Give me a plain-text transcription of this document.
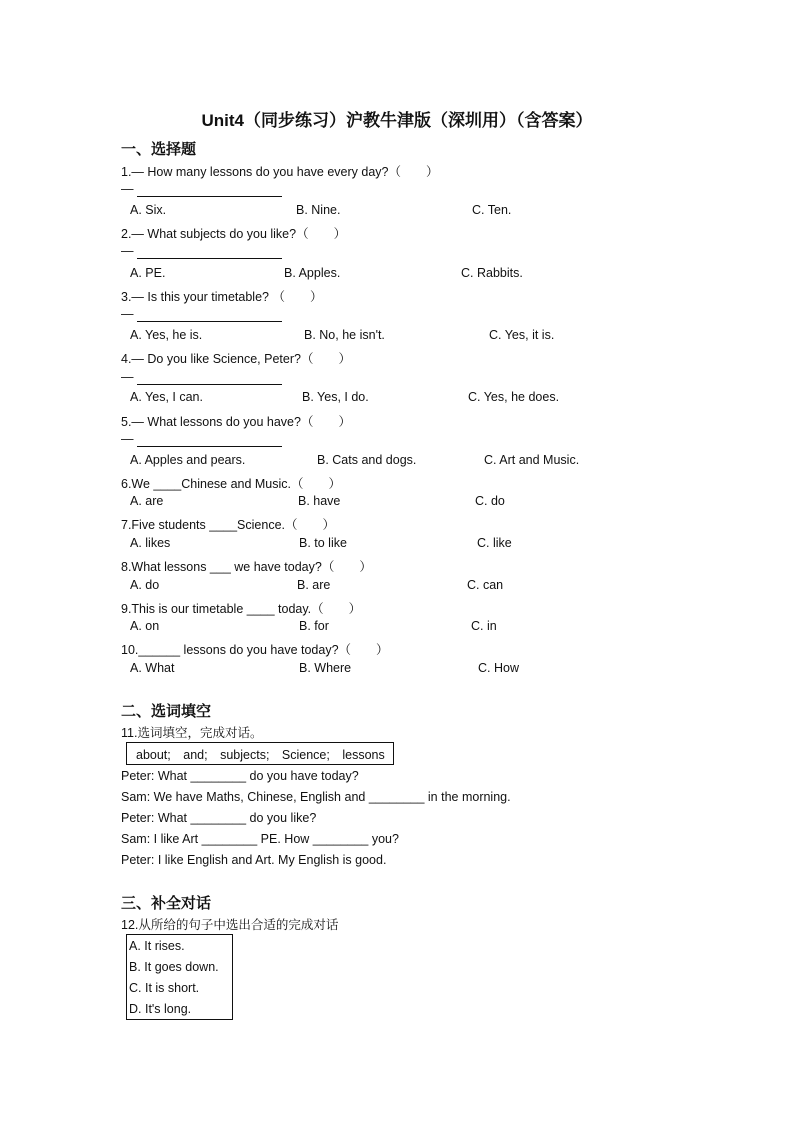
Unit4（同步练习）沪教牛津版（深圳用）（含答案）
一、选择题
1.— How many lessons do you have every day?（　　）
—
A. Six.	B. Nine.	C. Ten.
2.— What subjects do you like?（　　）
—
A. PE.	B. Apples.	C. Rabbits.
3.— Is this your timetable? （　　）
—
A. Yes, he is.	B. No, he isn't.	C. Yes, it is.
4.— Do you like Science, Peter?（　　）
—
A. Yes, I can.	B. Yes, I do.	C. Yes, he does.
5.— What lessons do you have?（　　）
—
A. Apples and pears.	B. Cats and dogs.	C. Art and Music.
6.We ____Chinese and Music.（　　）
A. are	B. have	C. do
7.Five students ____Science.（　　）
A. likes	B. to like	C. like
8.What lessons ___ we have today?（　　）
A. do	B. are	C. can
9.This is our timetable ____ today.（　　）
A. on	B. for	C. in
10.______ lessons do you have today?（　　）
A. What	B. Where	C. How
二、选词填空
11.选词填空，完成对话。
about;　and;　subjects;　Science;　lessons
Peter: What ________ do you have today?
Sam: We have Maths, Chinese, English and ________ in the morning.
Peter: What ________ do you like?
Sam: I like Art ________ PE. How ________ you?
Peter: I like English and Art. My English is good.
三、补全对话
12.从所给的句子中选出合适的完成对话
A. It rises.
B. It goes down.
C. It is short.
D. It's long.
